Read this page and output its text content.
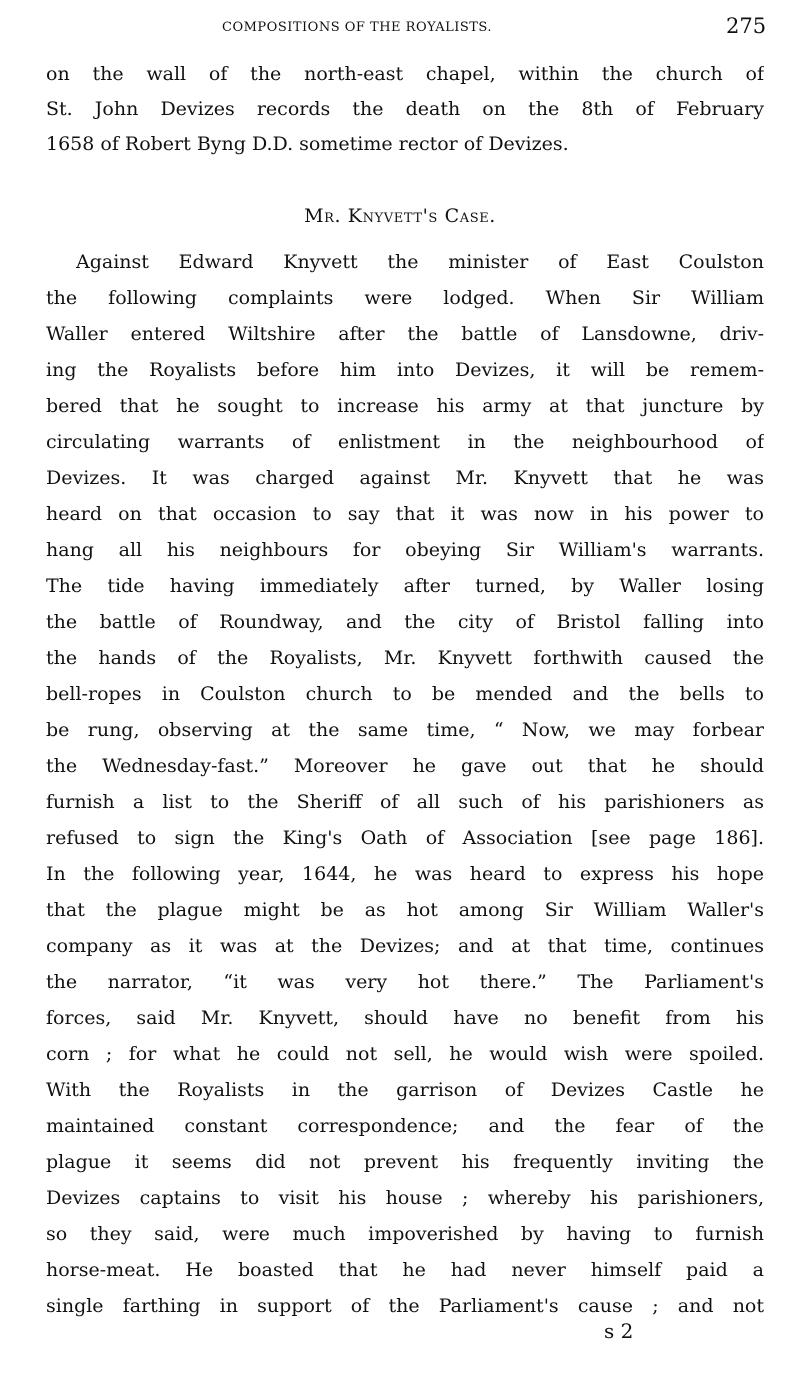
COMPOSITIONS OF THE ROYALISTS.	275
on the wall of the north-east chapel, within the church of
St. John Devizes records the death on the 8th of February
1658 of Robert Byng D.D. sometime rector of Devizes.
Mr. Knyvett's Case.
Against Edward Knyvett the minister of East Coulston
the following complaints were lodged. When Sir William
Waller entered Wiltshire after the battle of Lansdowne, driv-
ing the Royalists before him into Devizes, it will be remem-
bered that he sought to increase his army at that juncture by
circulating warrants of enlistment in the neighbourhood of
Devizes. It was charged against Mr. Knyvett that he was
heard on that occasion to say that it was now in his power to
hang all his neighbours for obeying Sir William's warrants.
The tide having immediately after turned, by Waller losing
the battle of Roundway, and the city of Bristol falling into
the hands of the Royalists, Mr. Knyvett forthwith caused the
bell-ropes in Coulston church to be mended and the bells to
be rung, observing at the same time, “ Now, we may forbear
the Wednesday-fast.” Moreover he gave out that he should
furnish a list to the Sheriff of all such of his parishioners as
refused to sign the King's Oath of Association [see page 186].
In the following year, 1644, he was heard to express his hope
that the plague might be as hot among Sir William Waller's
company as it was at the Devizes; and at that time, continues
the narrator, “it was very hot there.” The Parliament's
forces, said Mr. Knyvett, should have no benefit from his
corn ; for what he could not sell, he would wish were spoiled.
With the Royalists in the garrison of Devizes Castle he
maintained constant correspondence; and the fear of the
plague it seems did not prevent his frequently inviting the
Devizes captains to visit his house ; whereby his parishioners,
so they said, were much impoverished by having to furnish
horse-meat. He boasted that he had never himself paid a
single farthing in support of the Parliament's cause ; and not
s 2
